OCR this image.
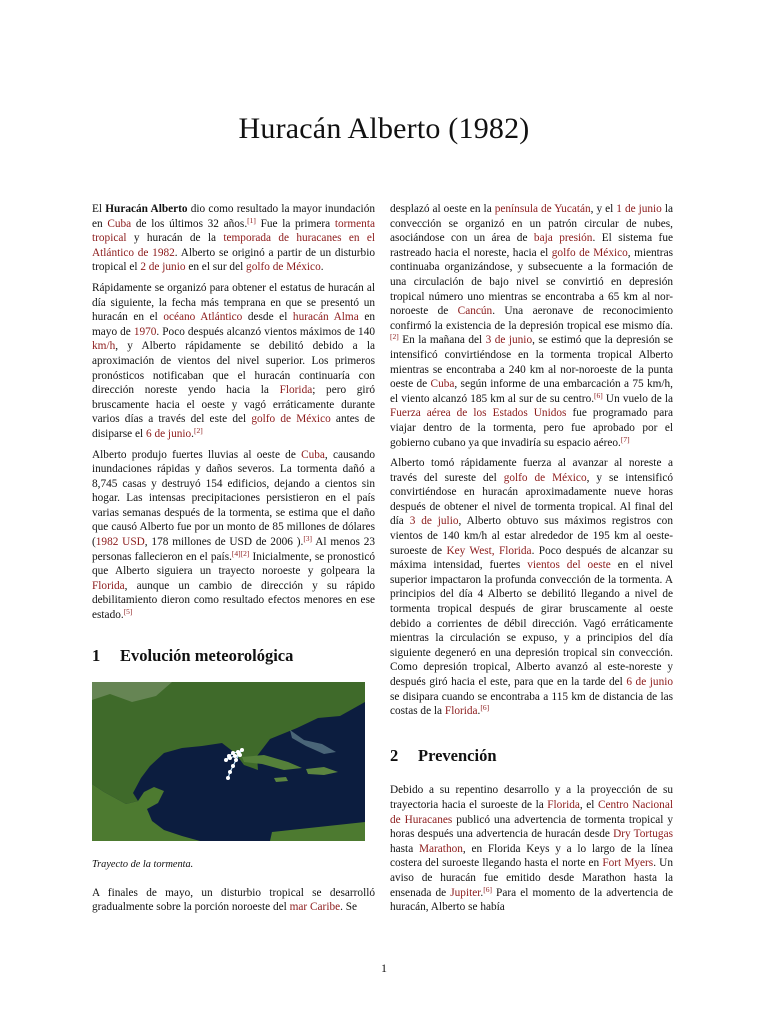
Huracán Alberto (1982)

El Huracán Alberto dio como resultado la mayor inundación en Cuba de los últimos 32 años.[1] Fue la primera tormenta tropical y huracán de la temporada de huracanes en el Atlántico de 1982. Alberto se originó a partir de un disturbio tropical el 2 de junio en el sur del golfo de México.

Rápidamente se organizó para obtener el estatus de huracán al día siguiente, la fecha más temprana en que se presentó un huracán en el océano Atlántico desde el huracán Alma en mayo de 1970. Poco después alcanzó vientos máximos de 140 km/h, y Alberto rápidamente se debilitó debido a la aproximación de vientos del nivel superior. Los primeros pronósticos notificaban que el huracán continuaría con dirección noreste yendo hacia la Florida; pero giró bruscamente hacia el oeste y vagó erráticamente durante varios días a través del este del golfo de México antes de disiparse el 6 de junio.[2]

Alberto produjo fuertes lluvias al oeste de Cuba, causando inundaciones rápidas y daños severos. La tormenta dañó a 8,745 casas y destruyó 154 edificios, dejando a cientos sin hogar. Las intensas precipitaciones persistieron en el país varias semanas después de la tormenta, se estima que el daño que causó Alberto fue por un monto de 85 millones de dólares (1982 USD, 178 millones de USD de 2006 ).[3] Al menos 23 personas fallecieron en el país.[4][2] Inicialmente, se pronosticó que Alberto siguiera un trayecto noroeste y golpeara la Florida, aunque un cambio de dirección y su rápido debilitamiento dieron como resultado efectos menores en ese estado.[5]

1 Evolución meteorológica

Trayecto de la tormenta.

A finales de mayo, un disturbio tropical se desarrolló gradualmente sobre la porción noroeste del mar Caribe. Se

desplazó al oeste en la península de Yucatán, y el 1 de junio la convección se organizó en un patrón circular de nubes, asociándose con un área de baja presión. El sistema fue rastreado hacia el noreste, hacia el golfo de México, mientras continuaba organizándose, y subsecuente a la formación de una circulación de bajo nivel se convirtió en depresión tropical número uno mientras se encontraba a 65 km al nor-noroeste de Cancún. Una aeronave de reconocimiento confirmó la existencia de la depresión tropical ese mismo día.[2] En la mañana del 3 de junio, se estimó que la depresión se intensificó convirtiéndose en la tormenta tropical Alberto mientras se encontraba a 240 km al nor-noroeste de la punta oeste de Cuba, según informe de una embarcación a 75 km/h, el viento alcanzó 185 km al sur de su centro.[6] Un vuelo de la Fuerza aérea de los Estados Unidos fue programado para viajar dentro de la tormenta, pero fue aprobado por el gobierno cubano ya que invadiría su espacio aéreo.[7]

Alberto tomó rápidamente fuerza al avanzar al noreste a través del sureste del golfo de México, y se intensificó convirtiéndose en huracán aproximadamente nueve horas después de obtener el nivel de tormenta tropical. Al final del día 3 de julio, Alberto obtuvo sus máximos registros con vientos de 140 km/h al estar alrededor de 195 km al oeste-suroeste de Key West, Florida. Poco después de alcanzar su máxima intensidad, fuertes vientos del oeste en el nivel superior impactaron la profunda convección de la tormenta. A principios del día 4 Alberto se debilitó llegando a nivel de tormenta tropical después de girar bruscamente al oeste debido a corrientes de débil dirección. Vagó erráticamente mientras la circulación se expuso, y a principios del día siguiente degeneró en una depresión tropical sin convección. Como depresión tropical, Alberto avanzó al este-noreste y después giró hacia el este, para que en la tarde del 6 de junio se disipara cuando se encontraba a 115 km de distancia de las costas de la Florida.[6]

2 Prevención

Debido a su repentino desarrollo y a la proyección de su trayectoria hacia el suroeste de la Florida, el Centro Nacional de Huracanes publicó una advertencia de tormenta tropical y horas después una advertencia de huracán desde Dry Tortugas hasta Marathon, en Florida Keys y a lo largo de la línea costera del suroeste llegando hasta el norte en Fort Myers. Un aviso de huracán fue emitido desde Marathon hasta la ensenada de Jupiter.[6] Para el momento de la advertencia de huracán, Alberto se había

1
